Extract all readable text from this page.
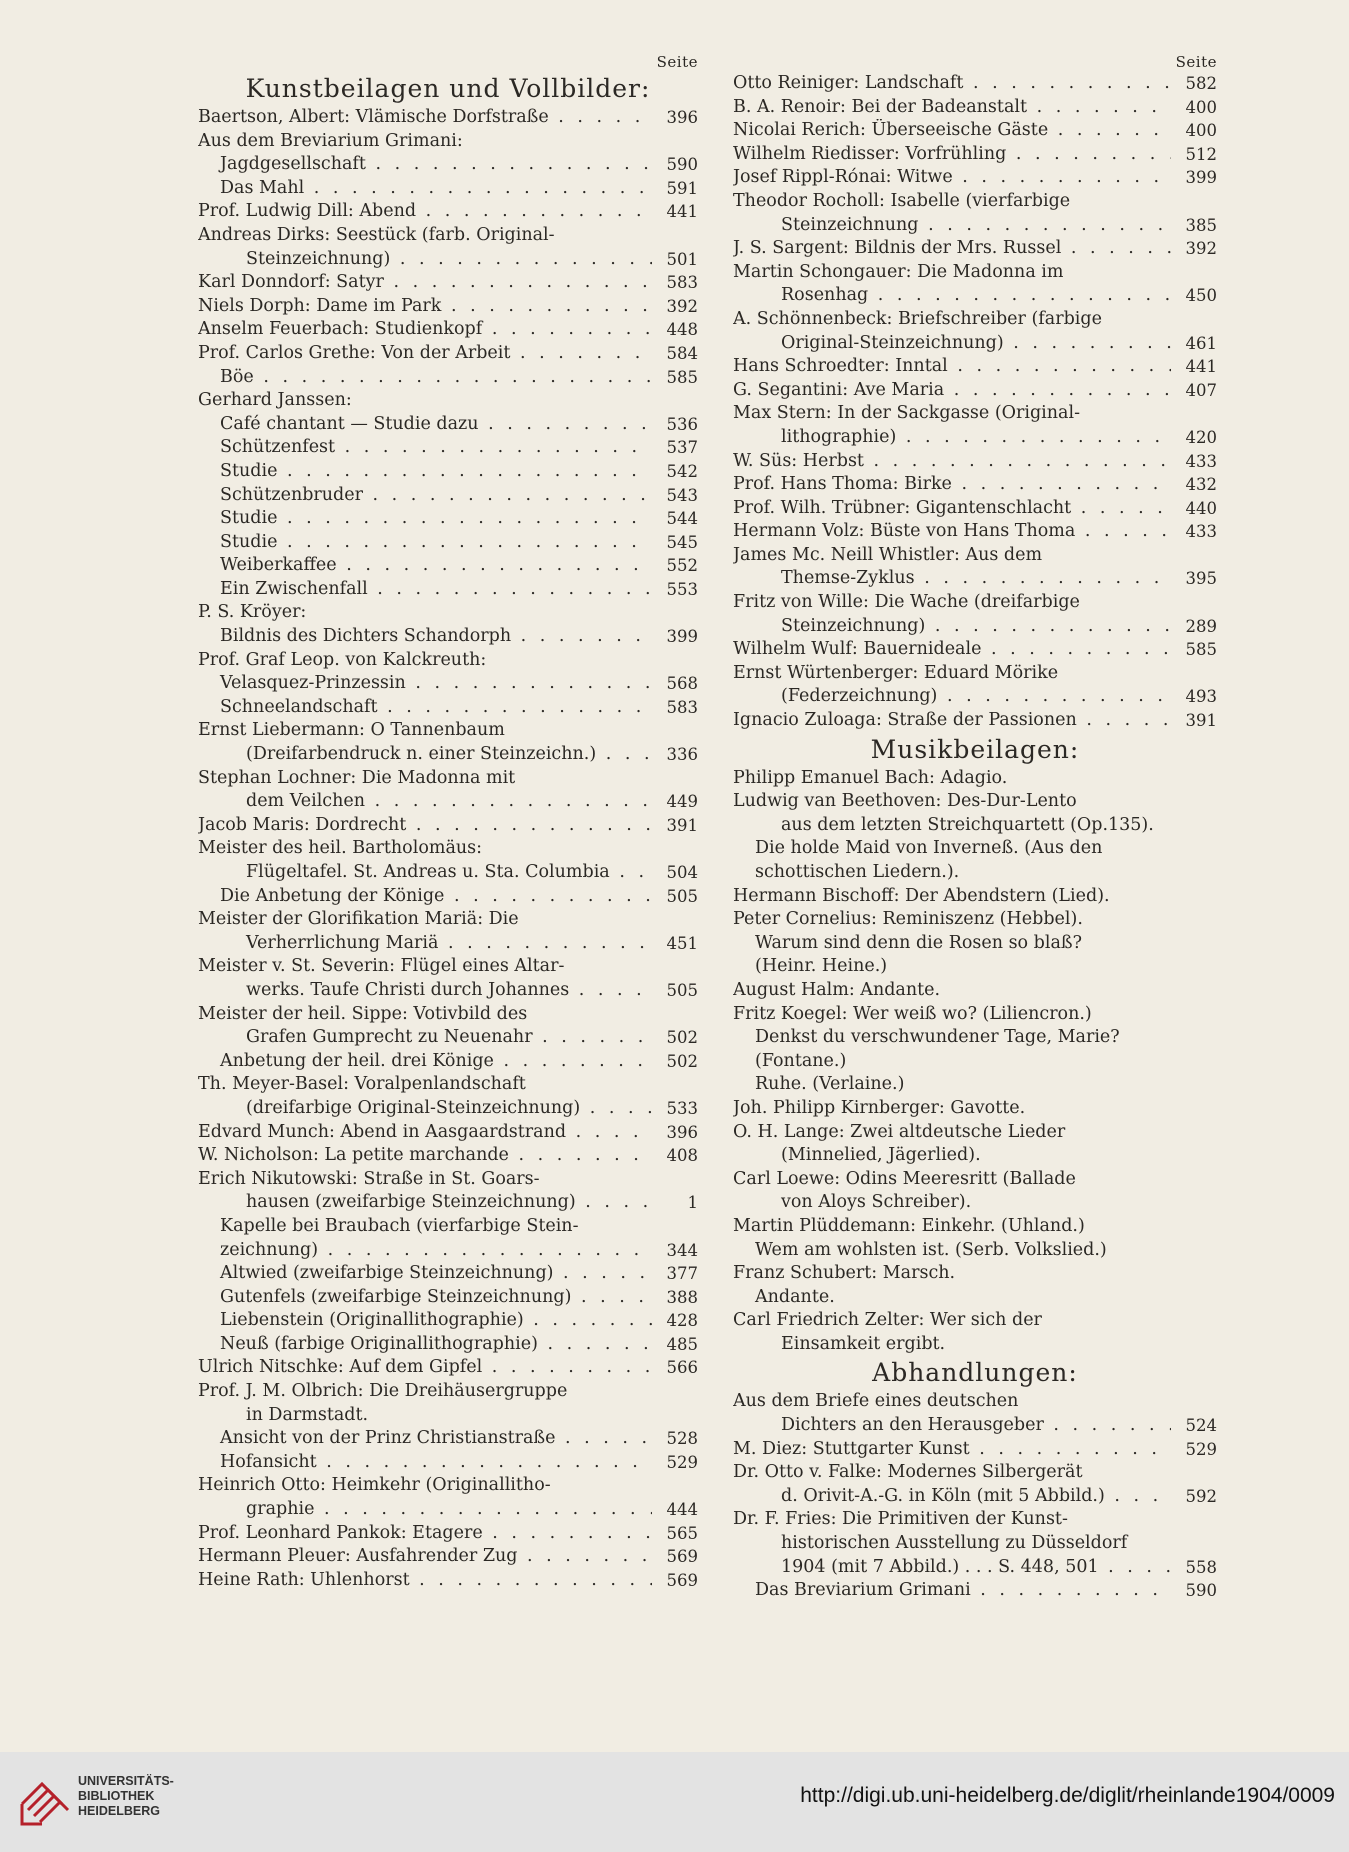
Seite
Kunstbeilagen und Vollbilder:
Baertson, Albert: Vlämische Dorfstraße . . .	396
Aus dem Breviarium Grimani:
Jagdgesellschaft . . .	590
Das Mahl . . .	591
Prof. Ludwig Dill: Abend . . .	441
Andreas Dirks: Seestück (farb. Original-
Steinzeichnung) . . .	501
Karl Donndorf: Satyr . . .	583
Niels Dorph: Dame im Park . . .	392
Anselm Feuerbach: Studienkopf . . .	448
Prof. Carlos Grethe: Von der Arbeit . . .	584
Böe . . .	585
Gerhard Janssen:
Café chantant — Studie dazu . . .	536
Schützenfest . . .	537
Studie . . .	542
Schützenbruder . . .	543
Studie . . .	544
Studie . . .	545
Weiberkaffee . . .	552
Ein Zwischenfall . . .	553
P. S. Kröyer:
Bildnis des Dichters Schandorph . . .	399
Prof. Graf Leop. von Kalckreuth:
Velasquez-Prinzessin . . .	568
Schneelandschaft . . .	583
Ernst Liebermann: O Tannenbaum
(Dreifarbendruck n. einer Steinzeichn.) . . .	336
Stephan Lochner: Die Madonna mit
dem Veilchen . . .	449
Jacob Maris: Dordrecht . . .	391
Meister des heil. Bartholomäus:
Flügeltafel. St. Andreas u. Sta. Columbia . . .	504
Die Anbetung der Könige . . .	505
Meister der Glorifikation Mariä: Die
Verherrlichung Mariä . . .	451
Meister v. St. Severin: Flügel eines Altar-
werks. Taufe Christi durch Johannes . . .	505
Meister der heil. Sippe: Votivbild des
Grafen Gumprecht zu Neuenahr . . .	502
Anbetung der heil. drei Könige . . .	502
Th. Meyer-Basel: Voralpenlandschaft
(dreifarbige Original-Steinzeichnung) . . .	533
Edvard Munch: Abend in Aasgaardstrand . . .	396
W. Nicholson: La petite marchande . . .	408
Erich Nikutowski: Straße in St. Goars-
hausen (zweifarbige Steinzeichnung) . . .	1
Kapelle bei Braubach (vierfarbige Stein-
zeichnung) . . .	344
Altwied (zweifarbige Steinzeichnung) . . .	377
Gutenfels (zweifarbige Steinzeichnung) . . .	388
Liebenstein (Originallithographie) . . .	428
Neuß (farbige Originallithographie) . . .	485
Ulrich Nitschke: Auf dem Gipfel . . .	566
Prof. J. M. Olbrich: Die Dreihäusergruppe
in Darmstadt.
Ansicht von der Prinz Christianstraße . . .	528
Hofansicht . . .	529
Heinrich Otto: Heimkehr (Originallitho-
graphie . . .	444
Prof. Leonhard Pankok: Etagere . . .	565
Hermann Pleuer: Ausfahrender Zug . . .	569
Heine Rath: Uhlenhorst . . .	569
Seite
Otto Reiniger: Landschaft . . .	582
B. A. Renoir: Bei der Badeanstalt . . .	400
Nicolai Rerich: Überseeische Gäste . . .	400
Wilhelm Riedisser: Vorfrühling . . .	512
Josef Rippl-Rónai: Witwe . . .	399
Theodor Rocholl: Isabelle (vierfarbige
Steinzeichnung . . .	385
J. S. Sargent: Bildnis der Mrs. Russel . . .	392
Martin Schongauer: Die Madonna im
Rosenhag . . .	450
A. Schönnenbeck: Briefschreiber (farbige
Original-Steinzeichnung) . . .	461
Hans Schroedter: Inntal . . .	441
G. Segantini: Ave Maria . . .	407
Max Stern: In der Sackgasse (Original-
lithographie) . . .	420
W. Süs: Herbst . . .	433
Prof. Hans Thoma: Birke . . .	432
Prof. Wilh. Trübner: Gigantenschlacht . . .	440
Hermann Volz: Büste von Hans Thoma . . .	433
James Mc. Neill Whistler: Aus dem
Themse-Zyklus . . .	395
Fritz von Wille: Die Wache (dreifarbige
Steinzeichnung) . . .	289
Wilhelm Wulf: Bauernideale . . .	585
Ernst Würtenberger: Eduard Mörike
(Federzeichnung) . . .	493
Ignacio Zuloaga: Straße der Passionen . . .	391
Musikbeilagen:
Philipp Emanuel Bach: Adagio.
Ludwig van Beethoven: Des-Dur-Lento
aus dem letzten Streichquartett (Op.135).
Die holde Maid von Inverneß. (Aus den
schottischen Liedern.).
Hermann Bischoff: Der Abendstern (Lied).
Peter Cornelius: Reminiszenz (Hebbel).
Warum sind denn die Rosen so blaß?
(Heinr. Heine.)
August Halm: Andante.
Fritz Koegel: Wer weiß wo? (Liliencron.)
Denkst du verschwundener Tage, Marie?
(Fontane.)
Ruhe. (Verlaine.)
Joh. Philipp Kirnberger: Gavotte.
O. H. Lange: Zwei altdeutsche Lieder
(Minnelied, Jägerlied).
Carl Loewe: Odins Meeresritt (Ballade
von Aloys Schreiber).
Martin Plüddemann: Einkehr. (Uhland.)
Wem am wohlsten ist. (Serb. Volkslied.)
Franz Schubert: Marsch.
Andante.
Carl Friedrich Zelter: Wer sich der
Einsamkeit ergibt.
Abhandlungen:
Aus dem Briefe eines deutschen
Dichters an den Herausgeber . . .	524
M. Diez: Stuttgarter Kunst . . .	529
Dr. Otto v. Falke: Modernes Silbergerät
d. Orivit-A.-G. in Köln (mit 5 Abbild.) . . .	592
Dr. F. Fries: Die Primitiven der Kunst-
historischen Ausstellung zu Düsseldorf
1904 (mit 7 Abbild.) . . . S. 448, 501 . . .	558
Das Breviarium Grimani . . .	590
UNIVERSITÄTS-
BIBLIOTHEK
HEIDELBERG
http://digi.ub.uni-heidelberg.de/diglit/rheinlande1904/0009
